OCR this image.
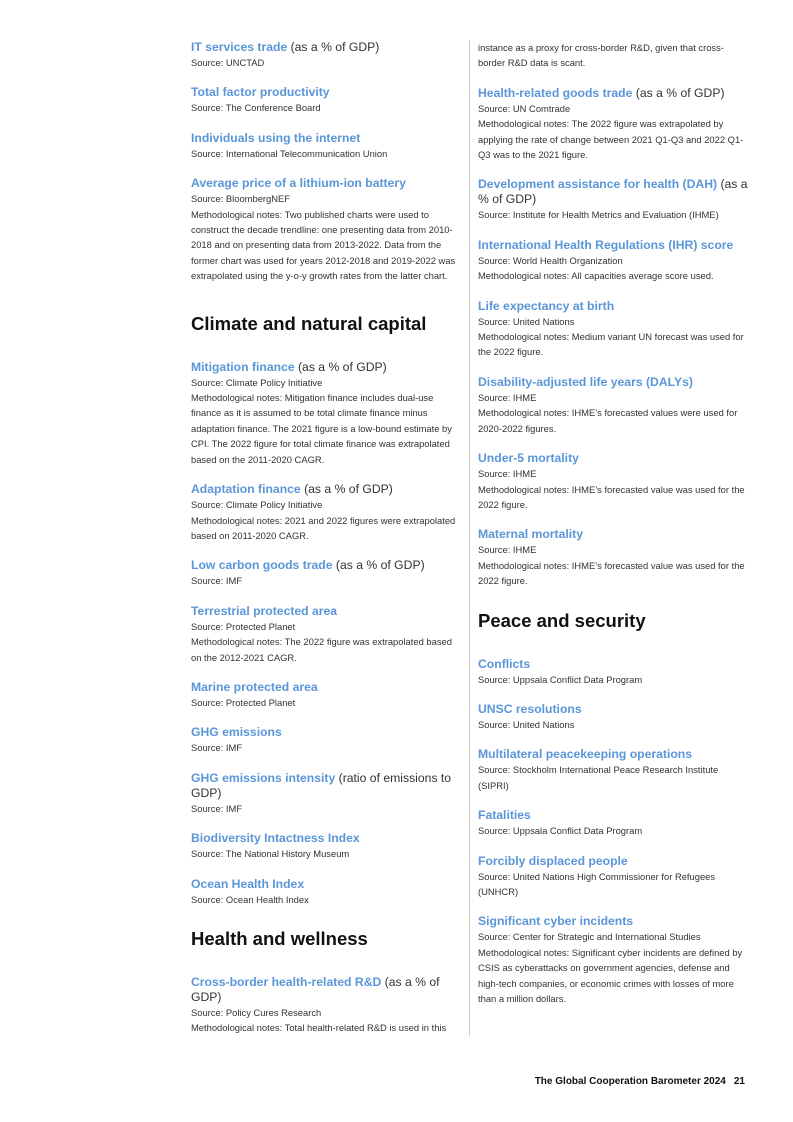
IT services trade (as a % of GDP)
Source: UNCTAD
Total factor productivity
Source: The Conference Board
Individuals using the internet
Source: International Telecommunication Union
Average price of a lithium-ion battery
Source: BloombergNEF
Methodological notes: Two published charts were used to construct the decade trendline: one presenting data from 2010-2018 and on presenting data from 2013-2022. Data from the former chart was used for years 2012-2018 and 2019-2022 was extrapolated using the y-o-y growth rates from the latter chart.
Climate and natural capital
Mitigation finance (as a % of GDP)
Source: Climate Policy Initiative
Methodological notes: Mitigation finance includes dual-use finance as it is assumed to be total climate finance minus adaptation finance. The 2021 figure is a low-bound estimate by CPI. The 2022 figure for total climate finance was extrapolated based on the 2011-2020 CAGR.
Adaptation finance (as a % of GDP)
Source: Climate Policy Initiative
Methodological notes: 2021 and 2022 figures were extrapolated based on 2011-2020 CAGR.
Low carbon goods trade (as a % of GDP)
Source: IMF
Terrestrial protected area
Source: Protected Planet
Methodological notes: The 2022 figure was extrapolated based on the 2012-2021 CAGR.
Marine protected area
Source: Protected Planet
GHG emissions
Source: IMF
GHG emissions intensity (ratio of emissions to GDP)
Source: IMF
Biodiversity Intactness Index
Source: The National History Museum
Ocean Health Index
Source: Ocean Health Index
Health and wellness
Cross-border health-related R&D (as a % of GDP)
Source: Policy Cures Research
Methodological notes: Total health-related R&D is used in this
instance as a proxy for cross-border R&D, given that cross-border R&D data is scant.
Health-related goods trade (as a % of GDP)
Source: UN Comtrade
Methodological notes: The 2022 figure was extrapolated by applying the rate of change between 2021 Q1-Q3 and 2022 Q1-Q3 was to the 2021 figure.
Development assistance for health (DAH) (as a % of GDP)
Source: Institute for Health Metrics and Evaluation (IHME)
International Health Regulations (IHR) score
Source: World Health Organization
Methodological notes: All capacities average score used.
Life expectancy at birth
Source: United Nations
Methodological notes: Medium variant UN forecast was used for the 2022 figure.
Disability-adjusted life years (DALYs)
Source: IHME
Methodological notes: IHME’s forecasted values were used for 2020-2022 figures.
Under-5 mortality
Source: IHME
Methodological notes: IHME’s forecasted value was used for the 2022 figure.
Maternal mortality
Source: IHME
Methodological notes: IHME’s forecasted value was used for the 2022 figure.
Peace and security
Conflicts
Source: Uppsala Conflict Data Program
UNSC resolutions
Source: United Nations
Multilateral peacekeeping operations
Source: Stockholm International Peace Research Institute (SIPRI)
Fatalities
Source: Uppsala Conflict Data Program
Forcibly displaced people
Source: United Nations High Commissioner for Refugees (UNHCR)
Significant cyber incidents
Source: Center for Strategic and International Studies
Methodological notes: Significant cyber incidents are defined by CSIS as cyberattacks on government agencies, defense and high-tech companies, or economic crimes with losses of more than a million dollars.
The Global Cooperation Barometer 2024 21
